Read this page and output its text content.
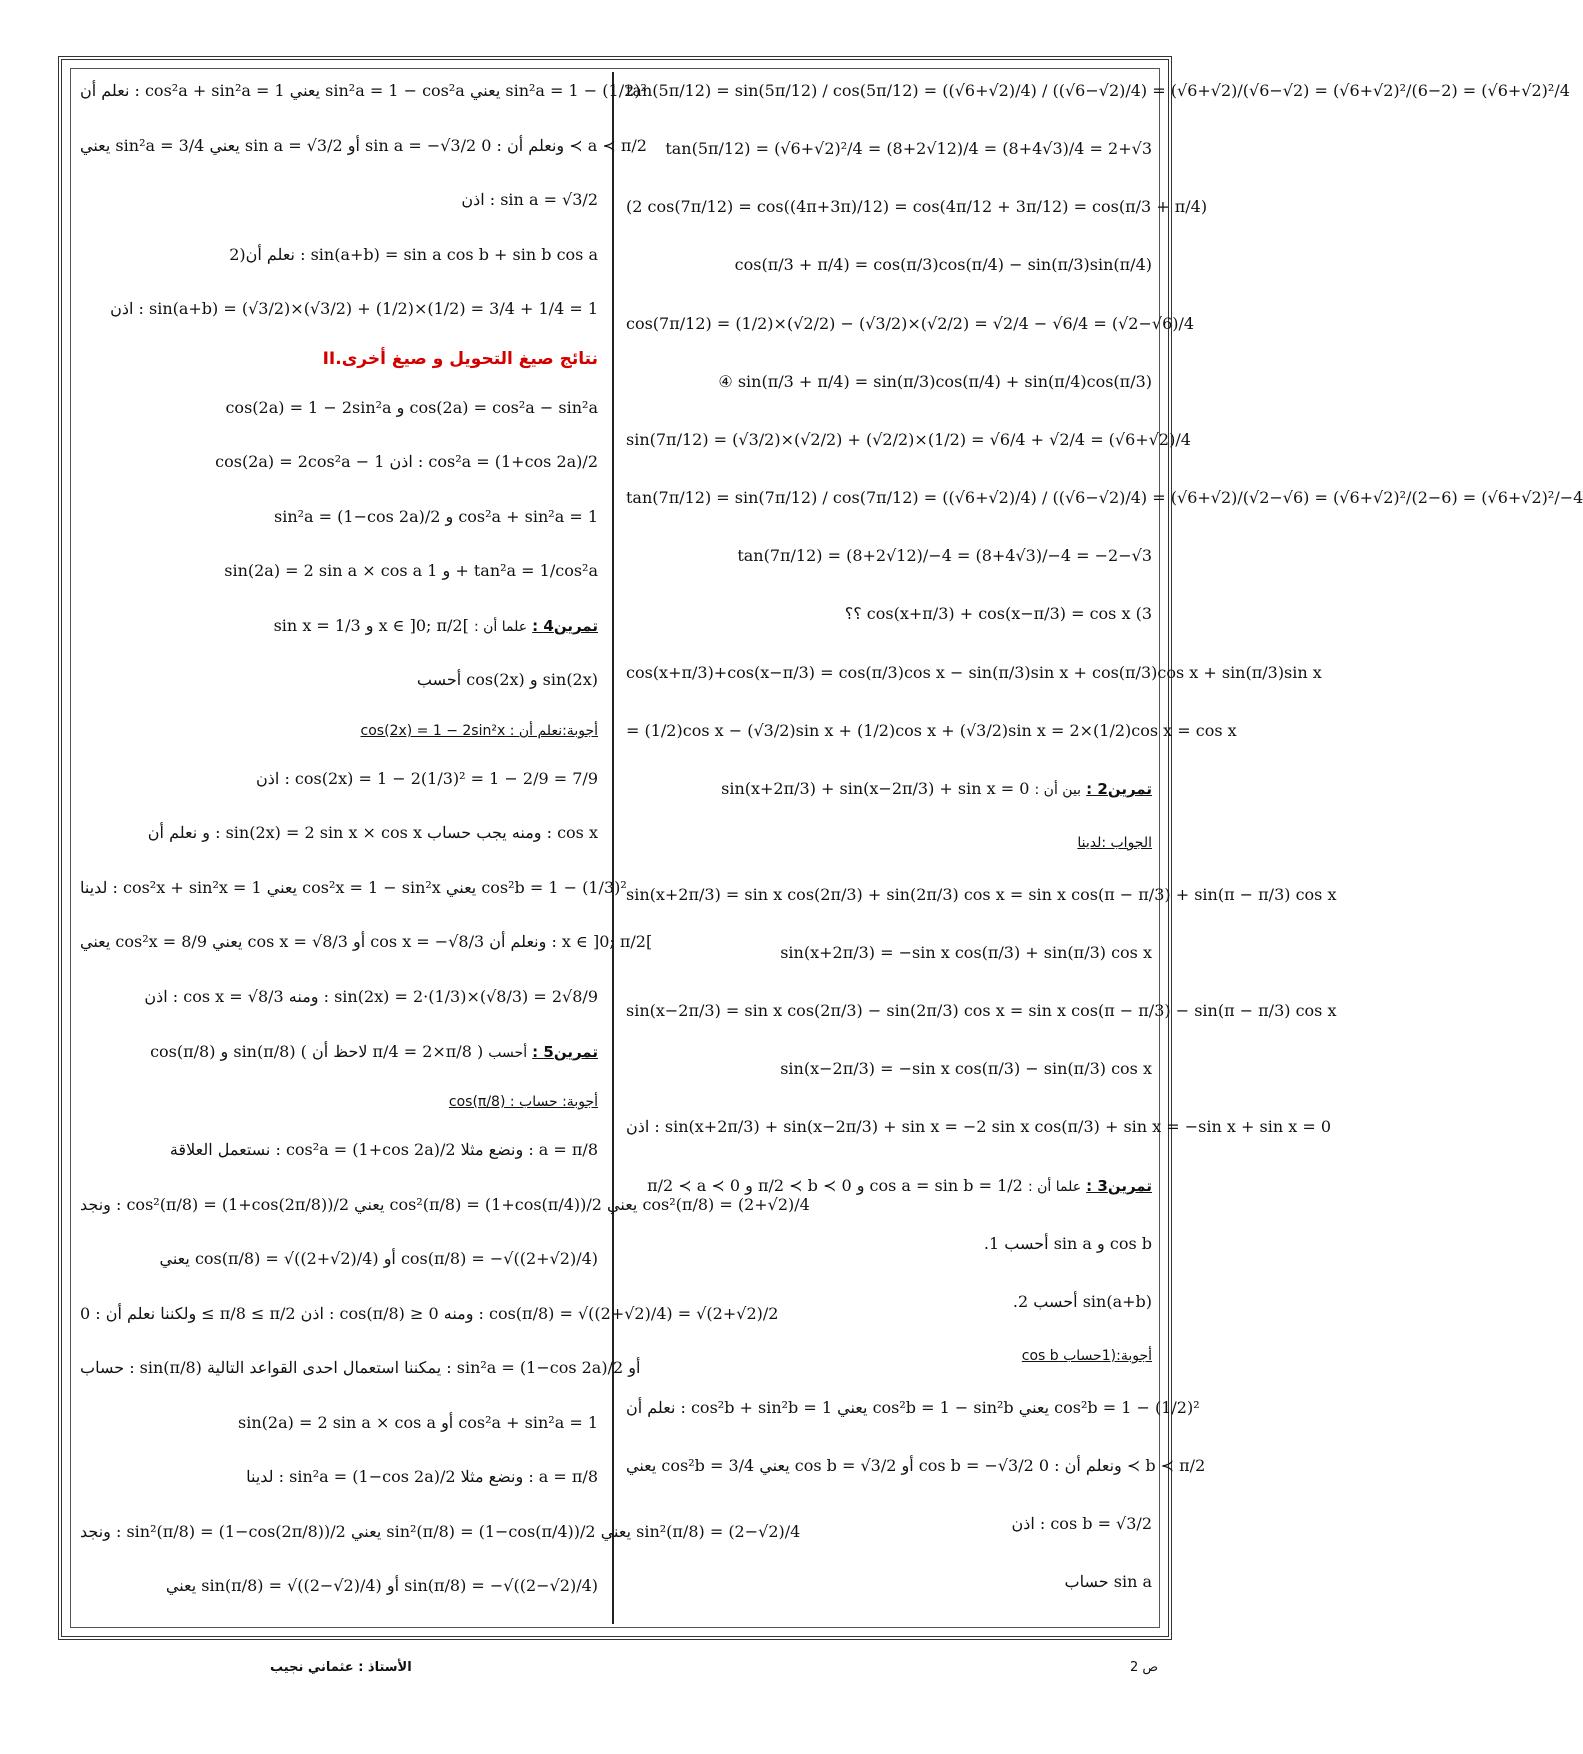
tan(5π/12) = sin(5π/12) / cos(5π/12) = ((√6+√2)/4) / ((√6−√2)/4) = (√6+√2)/(√6−√2) = (√6+√2)²/(6−2) = (√6+√2)²/4
tan(5π/12) = (√6+√2)²/4 = (8+2√12)/4 = (8+4√3)/4 = 2+√3
(2 cos(7π/12) = cos((4π+3π)/12) = cos(4π/12 + 3π/12) = cos(π/3 + π/4)
cos(π/3 + π/4) = cos(π/3)cos(π/4) − sin(π/3)sin(π/4)
cos(7π/12) = (1/2)×(√2/2) − (√3/2)×(√2/2) = √2/4 − √6/4 = (√2−√6)/4
④ sin(π/3 + π/4) = sin(π/3)cos(π/4) + sin(π/4)cos(π/3)
sin(7π/12) = (√3/2)×(√2/2) + (√2/2)×(1/2) = √6/4 + √2/4 = (√6+√2)/4
tan(7π/12) = sin(7π/12) / cos(7π/12) = ((√6+√2)/4) / ((√6−√2)/4) = (√6+√2)/(√2−√6) = (√6+√2)²/(2−6) = (√6+√2)²/−4
tan(7π/12) = (8+2√12)/−4 = (8+4√3)/−4 = −2−√3
؟؟ cos(x+π/3) + cos(x−π/3) = cos x (3
cos(x+π/3)+cos(x−π/3) = cos(π/3)cos x − sin(π/3)sin x + cos(π/3)cos x + sin(π/3)sin x
= (1/2)cos x − (√3/2)sin x + (1/2)cos x + (√3/2)sin x = 2×(1/2)cos x = cos x
تمرين2 : بين أن : sin(x+2π/3) + sin(x−2π/3) + sin x = 0
الجواب :لدينا
sin(x+2π/3) = sin x cos(2π/3) + sin(2π/3) cos x = sin x cos(π − π/3) + sin(π − π/3) cos x
sin(x+2π/3) = −sin x cos(π/3) + sin(π/3) cos x
sin(x−2π/3) = sin x cos(2π/3) − sin(2π/3) cos x = sin x cos(π − π/3) − sin(π − π/3) cos x
sin(x−2π/3) = −sin x cos(π/3) − sin(π/3) cos x
اذن : sin(x+2π/3) + sin(x−2π/3) + sin x = −2 sin x cos(π/3) + sin x = −sin x + sin x = 0
تمرين3 : علما أن : π/2 ≺ a ≺ 0 و π/2 ≺ b ≺ 0 و cos a = sin b = 1/2
.1 أحسب sin a و cos b
.2 أحسب sin(a+b)
أجوبة:(1حساب cos b
نعلم أن : cos²b + sin²b = 1 يعني cos²b = 1 − sin²b يعني cos²b = 1 − (1/2)²
يعني cos²b = 3/4 يعني cos b = √3/2 أو cos b = −√3/2 ونعلم أن : 0 ≺ b ≺ π/2
اذن : cos b = √3/2
حساب sin a
نعلم أن : cos²a + sin²a = 1 يعني sin²a = 1 − cos²a يعني sin²a = 1 − (1/2)²
يعني sin²a = 3/4 يعني sin a = √3/2 أو sin a = −√3/2 ونعلم أن : 0 ≺ a ≺ π/2
اذن : sin a = √3/2
2)نعلم أن : sin(a+b) = sin a cos b + sin b cos a
اذن : sin(a+b) = (√3/2)×(√3/2) + (1/2)×(1/2) = 3/4 + 1/4 = 1
II.نتائج صيغ التحويل و صيغ أخرى
cos(2a) = 1 − 2sin²a و cos(2a) = cos²a − sin²a
cos(2a) = 2cos²a − 1 اذن : cos²a = (1+cos 2a)/2
sin²a = (1−cos 2a)/2 و cos²a + sin²a = 1
sin(2a) = 2 sin a × cos a و 1 + tan²a = 1/cos²a
تمرين4 : علما أن : sin x = 1/3 و x ∈ ]0; π/2[
أحسب cos(2x) و sin(2x)
أجوبة:نعلم أن : cos(2x) = 1 − 2sin²x
اذن : cos(2x) = 1 − 2(1/3)² = 1 − 2/9 = 7/9
و نعلم أن : sin(2x) = 2 sin x × cos x ومنه يجب حساب : cos x
لدينا : cos²x + sin²x = 1 يعني cos²x = 1 − sin²x يعني cos²b = 1 − (1/3)²
يعني cos²x = 8/9 يعني cos x = √8/3 أو cos x = −√8/3 ونعلم أن : x ∈ ]0; π/2[
اذن : cos x = √8/3 ومنه : sin(2x) = 2·(1/3)×(√8/3) = 2√8/9
تمرين5 : أحسب cos(π/8) و sin(π/8) ( لاحظ أن π/4 = 2×π/8 )
أجوبة: حساب : cos(π/8)
نستعمل العلاقة : cos²a = (1+cos 2a)/2 ونضع مثلا : a = π/8
ونجد : cos²(π/8) = (1+cos(2π/8))/2 يعني cos²(π/8) = (1+cos(π/4))/2 يعني cos²(π/8) = (2+√2)/4
يعني cos(π/8) = √((2+√2)/4) أو cos(π/8) = −√((2+√2)/4)
ولكننا نعلم أن : 0 ≤ π/8 ≤ π/2 اذن : cos(π/8) ≥ 0 ومنه : cos(π/8) = √((2+√2)/4) = √(2+√2)/2
حساب : sin(π/8) يمكننا استعمال احدى القواعد التالية : sin²a = (1−cos 2a)/2 أو
sin(2a) = 2 sin a × cos a أو cos²a + sin²a = 1
لدينا : sin²a = (1−cos 2a)/2 ونضع مثلا : a = π/8
ونجد : sin²(π/8) = (1−cos(2π/8))/2 يعني sin²(π/8) = (1−cos(π/4))/2 يعني sin²(π/8) = (2−√2)/4
يعني sin(π/8) = √((2−√2)/4) أو sin(π/8) = −√((2−√2)/4)
الأستاذ : عثماني نجيب	ص 2
